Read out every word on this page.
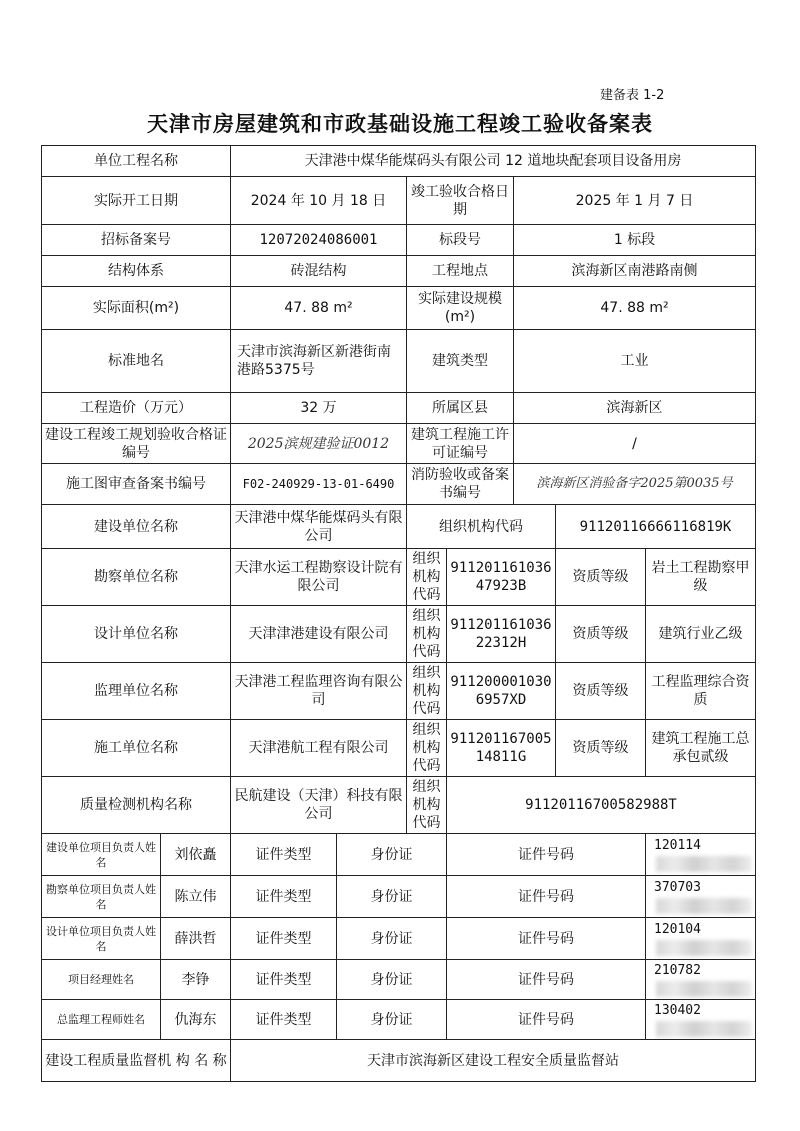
建备表 1-2
天津市房屋建筑和市政基础设施工程竣工验收备案表
单位工程名称		天津港中煤华能煤码头有限公司 12 道地块配套项目设备用房						
实际开工日期		2024 年 10 月 18 日		竣工验收合格日期		2025 年 1 月 7 日		
招标备案号		12072024086001		标段号		1 标段		
结构体系		砖混结构		工程地点		滨海新区南港路南侧		
实际面积(m²)		47. 88 m²		实际建设规模(m²)		47. 88 m²		
标准地名		天津市滨海新区新港街南港路5375号		建筑类型		工业		
工程造价（万元）		32 万		所属区县		滨海新区		
建设工程竣工规划验收合格证编号		2025滨规建验证0012		建筑工程施工许可证编号		/		
施工图审查备案书编号		F02-240929-13-01-6490		消防验收或备案书编号		滨海新区消验备字2025第0035号		
建设单位名称		天津港中煤华能煤码头有限公司		组织机构代码			91120116666116819K	
勘察单位名称		天津水运工程勘察设计院有限公司		组织机构代码	91120116103647923B		资质等级	岩土工程勘察甲级
设计单位名称		天津津港建设有限公司		组织机构代码	91120116103622312H		资质等级	建筑行业乙级
监理单位名称		天津港工程监理咨询有限公司		组织机构代码	911200001030 6957XD		资质等级	工程监理综合资质
施工单位名称		天津港航工程有限公司		组织机构代码	91120116700514811G		资质等级	建筑工程施工总承包贰级
质量检测机构名称		民航建设（天津）科技有限公司		组织机构代码	91120116700582988T			
建设单位项目负责人姓名	刘依矗	证件类型	身份证		证件号码			120114
勘察单位项目负责人姓名	陈立伟	证件类型	身份证		证件号码			370703
设计单位项目负责人姓名	薛洪哲	证件类型	身份证		证件号码			120104
项目经理姓名	李铮	证件类型	身份证		证件号码			210782
总监理工程师姓名	仇海东	证件类型	身份证		证件号码			130402
建设工程质量监督机 构 名 称		天津市滨海新区建设工程安全质量监督站						
